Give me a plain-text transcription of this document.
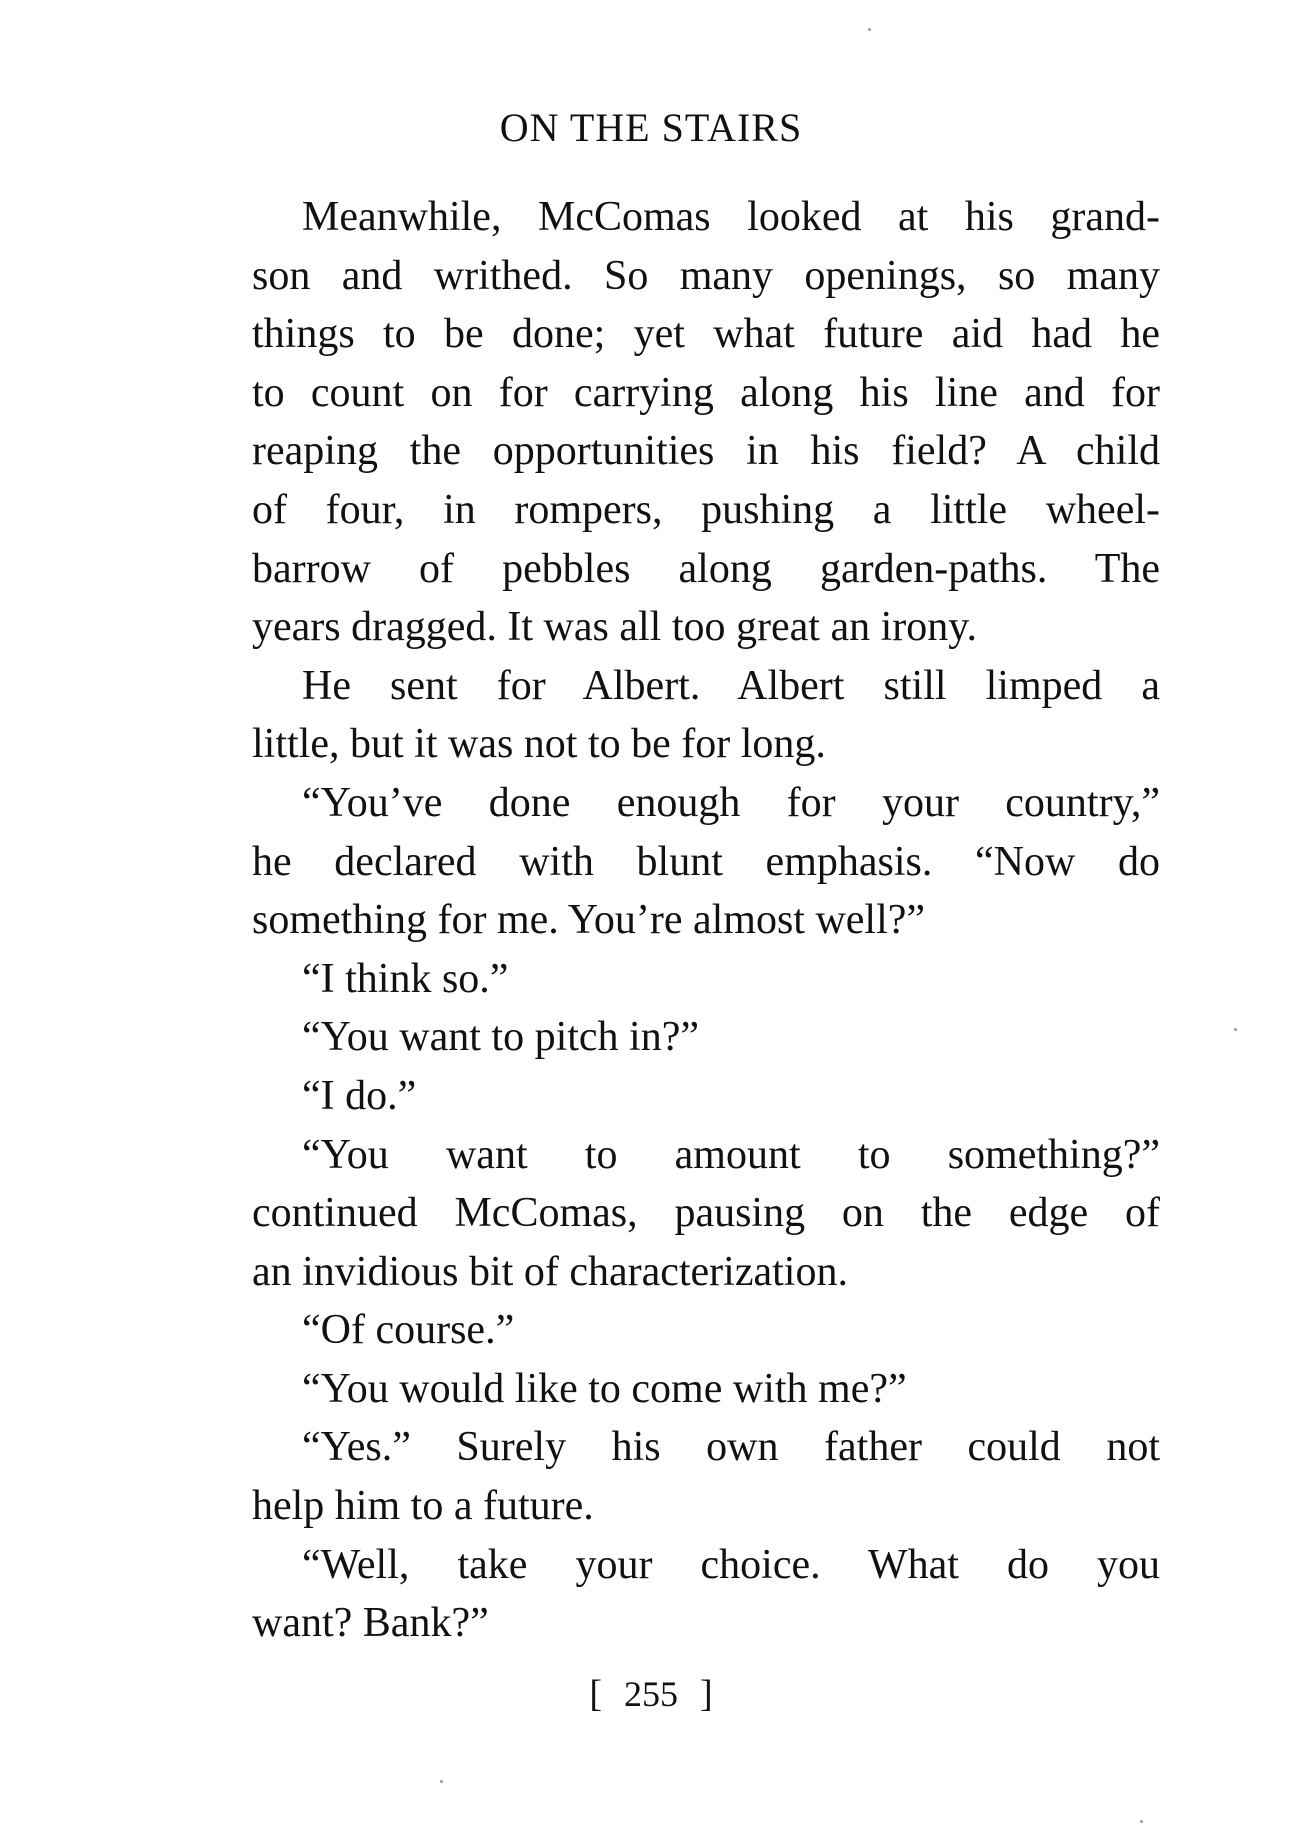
ON THE STAIRS

Meanwhile, McComas looked at his grand-
son and writhed. So many openings, so many
things to be done; yet what future aid had he
to count on for carrying along his line and for
reaping the opportunities in his field? A child
of four, in rompers, pushing a little wheel-
barrow of pebbles along garden-paths. The
years dragged. It was all too great an irony.

He sent for Albert. Albert still limped a
little, but it was not to be for long.

“You’ve done enough for your country,”
he declared with blunt emphasis. “Now do
something for me. You’re almost well?”

“I think so.”

“You want to pitch in?”

“I do.”

“You want to amount to something?”
continued McComas, pausing on the edge of
an invidious bit of characterization.

“Of course.”

“You would like to come with me?”

“Yes.” Surely his own father could not
help him to a future.

“Well, take your choice. What do you
want? Bank?”

[ 255 ]
